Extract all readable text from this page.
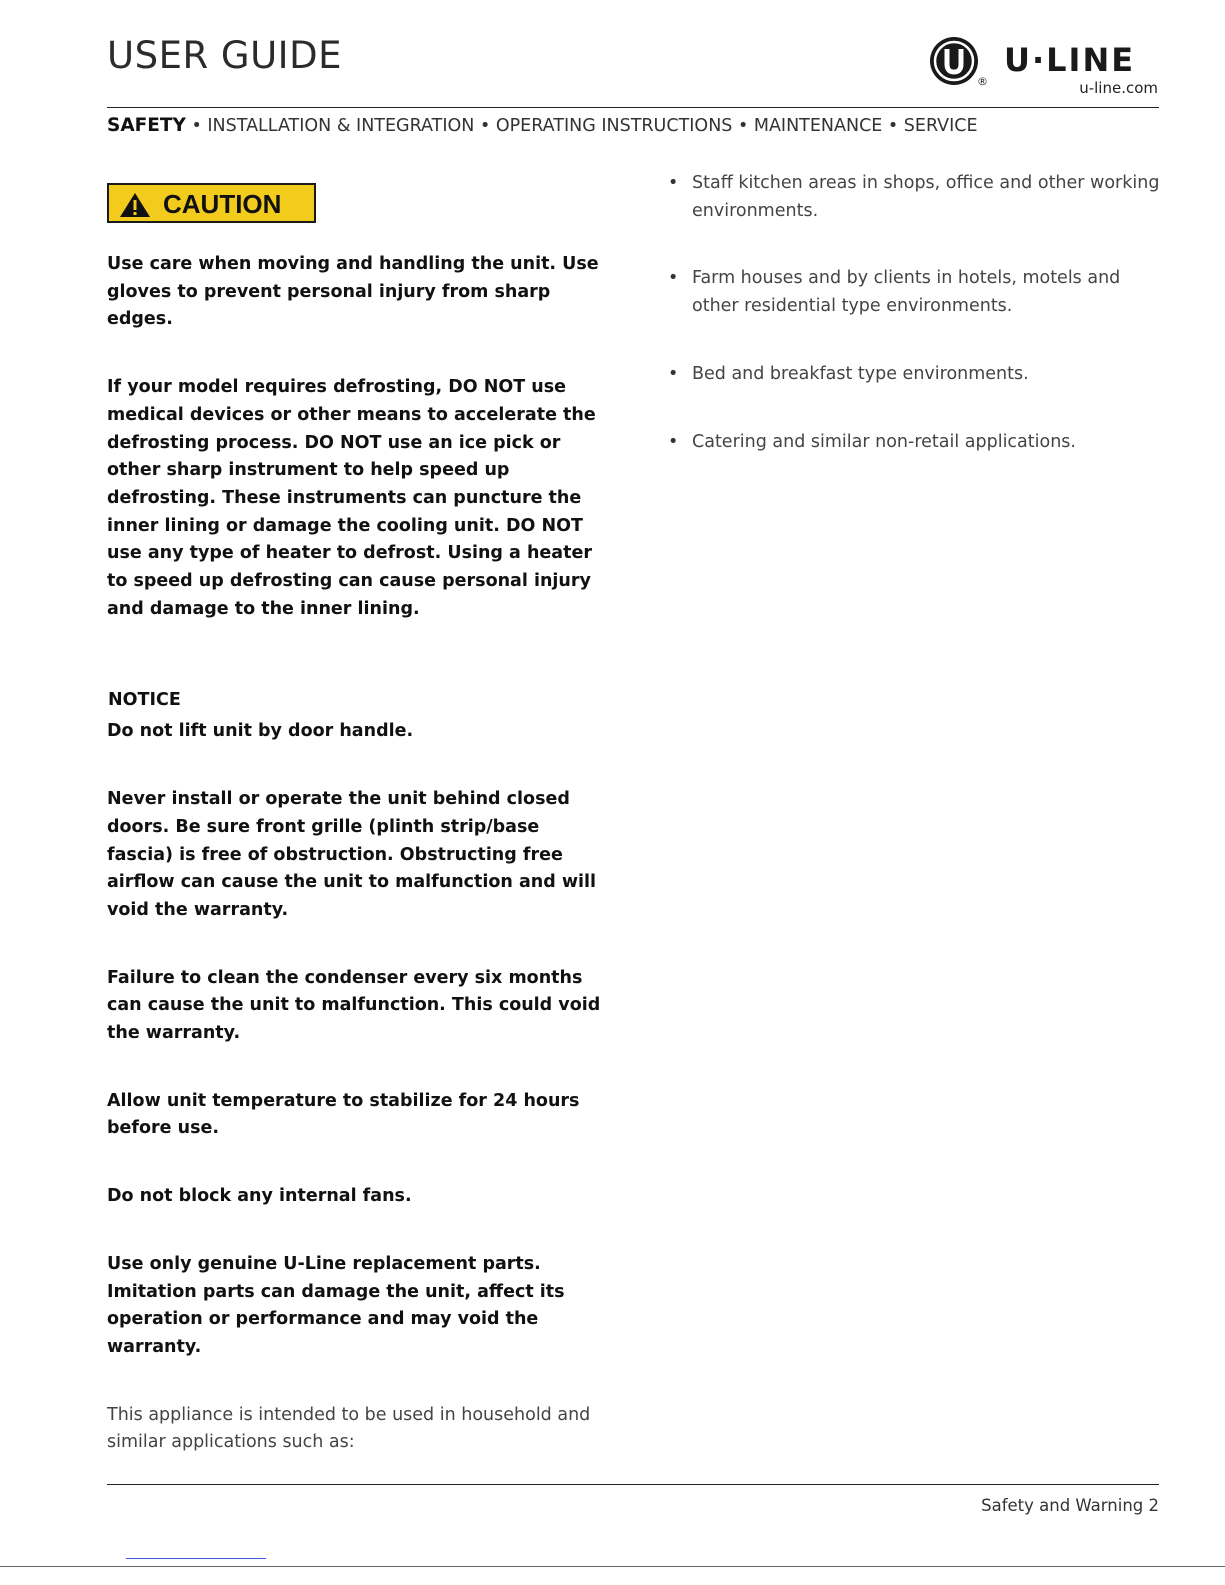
USER GUIDE
®
U·LINE
u-line.com
SAFETY • INSTALLATION & INTEGRATION • OPERATING INSTRUCTIONS • MAINTENANCE • SERVICE
CAUTION

Use care when moving and handling the unit. Use gloves to prevent personal injury from sharp edges.

If your model requires defrosting, DO NOT use medical devices or other means to accelerate the defrosting process. DO NOT use an ice pick or other sharp instrument to help speed up defrosting. These instruments can puncture the inner lining or damage the cooling unit. DO NOT use any type of heater to defrost. Using a heater to speed up defrosting can cause personal injury and damage to the inner lining.

NOTICE

Do not lift unit by door handle.

Never install or operate the unit behind closed doors. Be sure front grille (plinth strip/base fascia) is free of obstruction. Obstructing free airflow can cause the unit to malfunction and will void the warranty.

Failure to clean the condenser every six months can cause the unit to malfunction. This could void the warranty.

Allow unit temperature to stabilize for 24 hours before use.

Do not block any internal fans.

Use only genuine U-Line replacement parts. Imitation parts can damage the unit, affect its operation or performance and may void the warranty.

This appliance is intended to be used in household and similar applications such as:

• Staff kitchen areas in shops, office and other working environments.

• Farm houses and by clients in hotels, motels and other residential type environments.

• Bed and breakfast type environments.

• Catering and similar non-retail applications.

Safety and Warning 2
